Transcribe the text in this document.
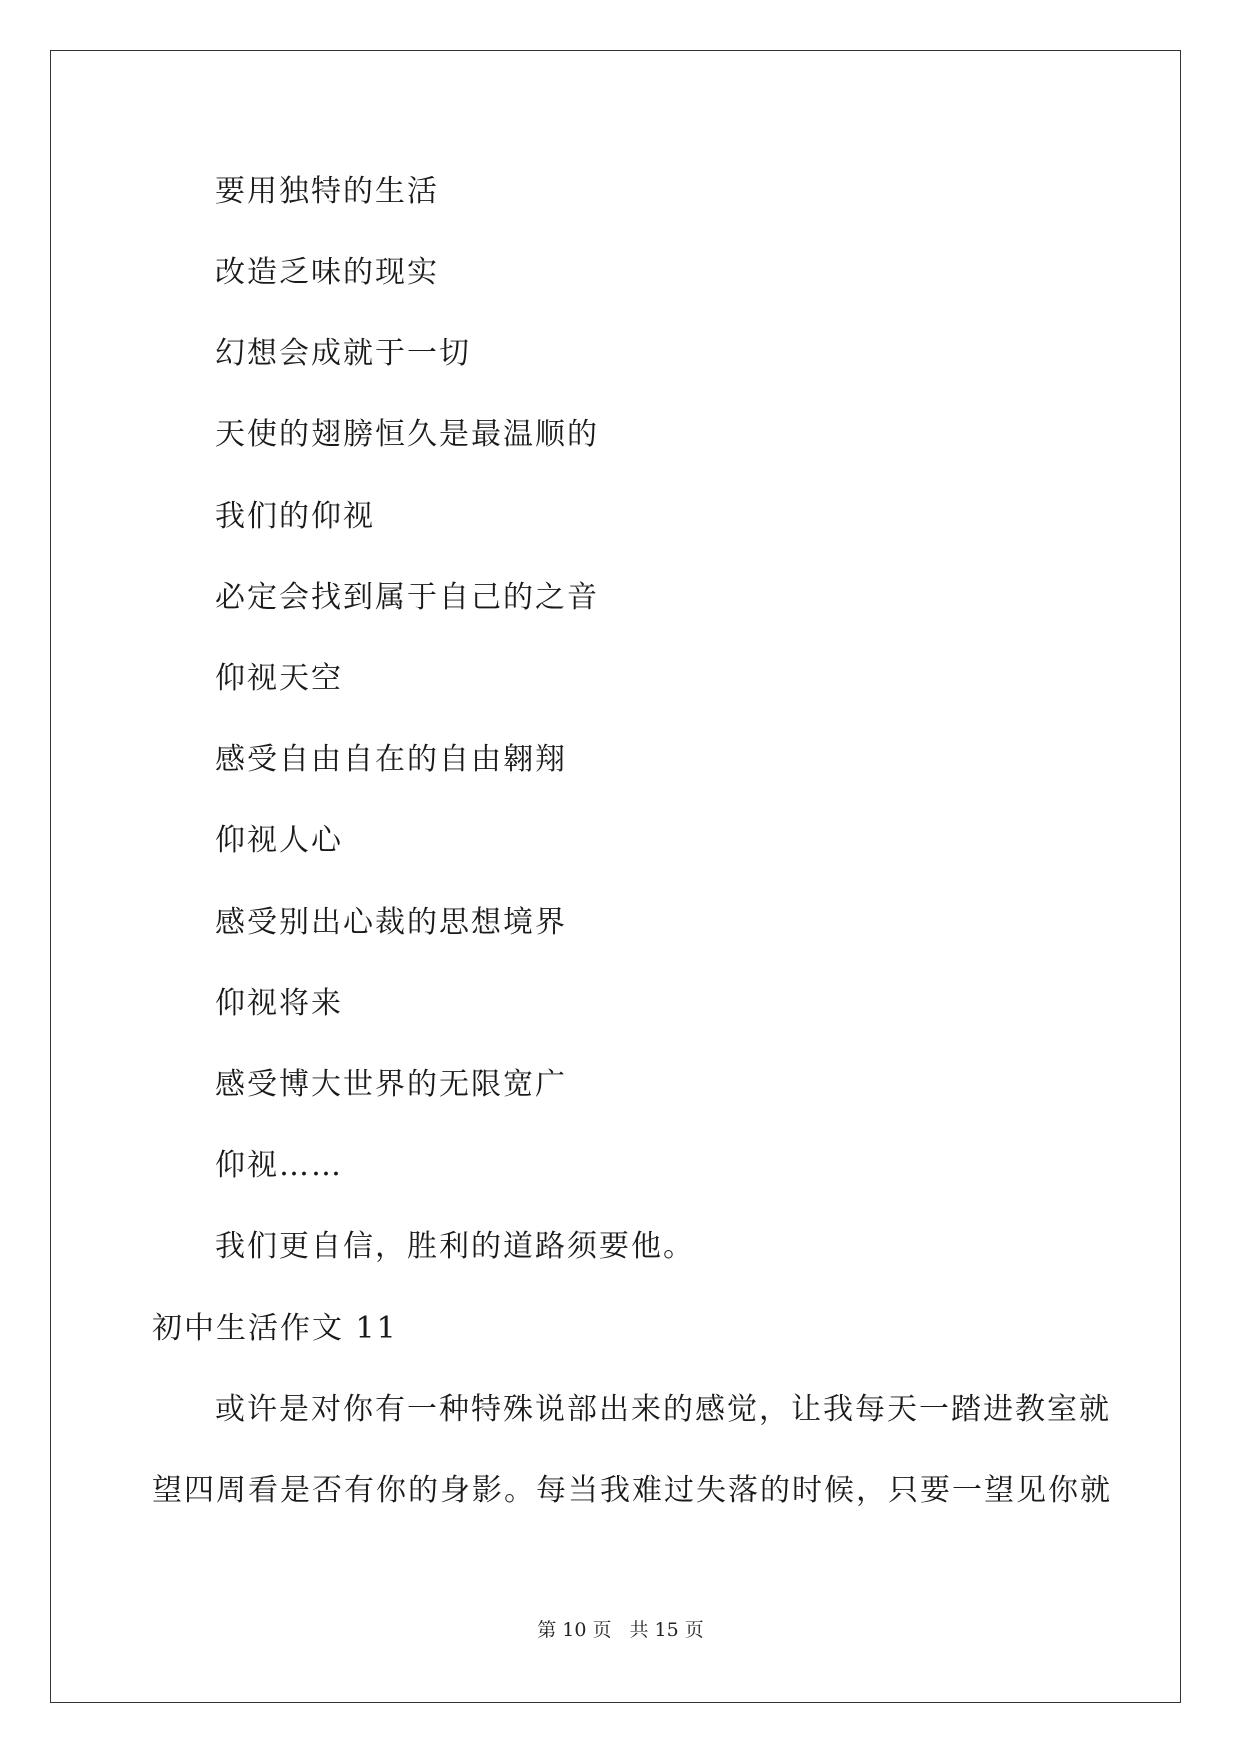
要用独特的生活
改造乏味的现实
幻想会成就于一切
天使的翅膀恒久是最温顺的
我们的仰视
必定会找到属于自己的之音
仰视天空
感受自由自在的自由翱翔
仰视人心
感受别出心裁的思想境界
仰视将来
感受博大世界的无限宽广
仰视……
我们更自信，胜利的道路须要他。
初中生活作文 11
或许是对你有一种特殊说部出来的感觉，让我每天一踏进教室就
望四周看是否有你的身影。每当我难过失落的时候，只要一望见你就
第 10 页 共 15 页
